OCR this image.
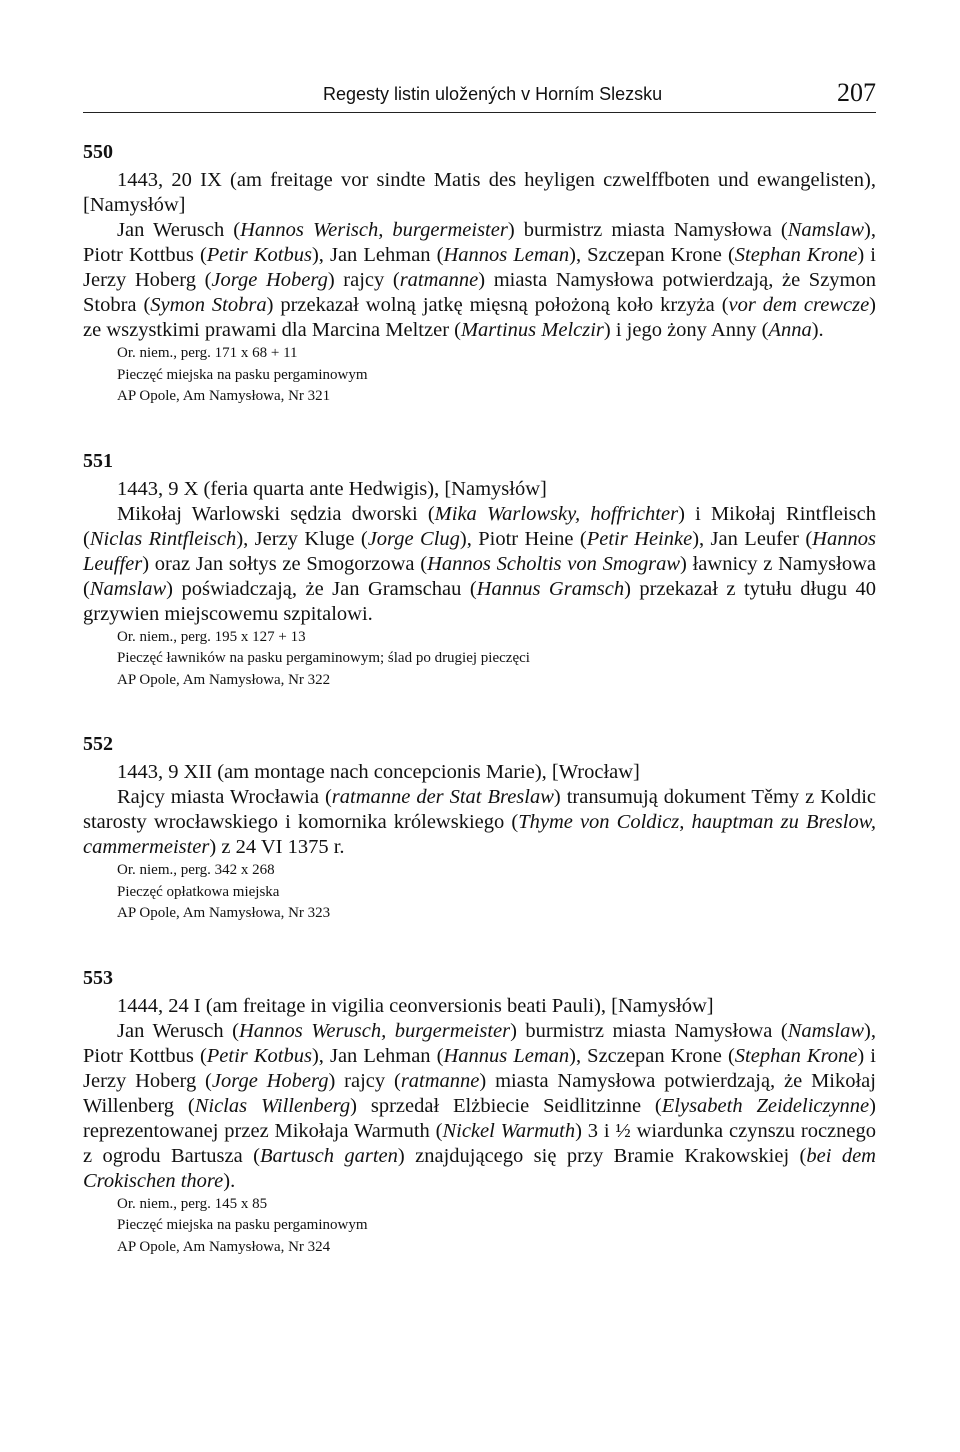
Regesty listin uložených v Horním Slezsku	207
550

1443, 20 IX (am freitage vor sindte Matis des heyligen czwelffboten und ewangelisten), [Namysłów]

Jan Werusch (Hannos Werisch, burgermeister) burmistrz miasta Namysłowa (Namslaw), Piotr Kottbus (Petir Kotbus), Jan Lehman (Hannos Leman), Szczepan Krone (Stephan Krone) i Jerzy Hoberg (Jorge Hoberg) rajcy (ratmanne) miasta Namysłowa potwierdzają, że Szymon Stobra (Symon Stobra) przekazał wolną jatkę mięsną położoną koło krzyża (vor dem crewcze) ze wszystkimi prawami dla Marcina Meltzer (Martinus Melczir) i jego żony Anny (Anna).

Or. niem., perg. 171 x 68 + 11

Pieczęć miejska na pasku pergaminowym

AP Opole, Am Namysłowa, Nr 321

551

1443, 9 X (feria quarta ante Hedwigis), [Namysłów]

Mikołaj Warlowski sędzia dworski (Mika Warlowsky, hoffrichter) i Mikołaj Rintfleisch (Niclas Rintfleisch), Jerzy Kluge (Jorge Clug), Piotr Heine (Petir Heinke), Jan Leufer (Hannos Leuffer) oraz Jan sołtys ze Smogorzowa (Hannos Scholtis von Smograw) ławnicy z Namysłowa (Namslaw) poświadczają, że Jan Gramschau (Hannus Gramsch) przekazał z tytułu długu 40 grzywien miejscowemu szpitalowi.

Or. niem., perg. 195 x 127 + 13

Pieczęć ławników na pasku pergaminowym; ślad po drugiej pieczęci

AP Opole, Am Namysłowa, Nr 322

552

1443, 9 XII (am montage nach concepcionis Marie), [Wrocław]

Rajcy miasta Wrocławia (ratmanne der Stat Breslaw) transumują dokument Těmy z Koldic starosty wrocławskiego i komornika królewskiego (Thyme von Coldicz, hauptman zu Breslow, cammermeister) z 24 VI 1375 r.

Or. niem., perg. 342 x 268

Pieczęć opłatkowa miejska

AP Opole, Am Namysłowa, Nr 323

553

1444, 24 I (am freitage in vigilia ceonversionis beati Pauli), [Namysłów]

Jan Werusch (Hannos Werusch, burgermeister) burmistrz miasta Namysłowa (Namslaw), Piotr Kottbus (Petir Kotbus), Jan Lehman (Hannus Leman), Szczepan Krone (Stephan Krone) i Jerzy Hoberg (Jorge Hoberg) rajcy (ratmanne) miasta Namysłowa potwierdzają, że Mikołaj Willenberg (Niclas Willenberg) sprzedał Elżbiecie Seidlitzinne (Elysabeth Zeideliczynne) reprezentowanej przez Mikołaja Warmuth (Nickel Warmuth) 3 i ½ wiardunka czynszu rocznego z ogrodu Bartusza (Bartusch garten) znajdującego się przy Bramie Krakowskiej (bei dem Crokischen thore).

Or. niem., perg. 145 x 85

Pieczęć miejska na pasku pergaminowym

AP Opole, Am Namysłowa, Nr 324
